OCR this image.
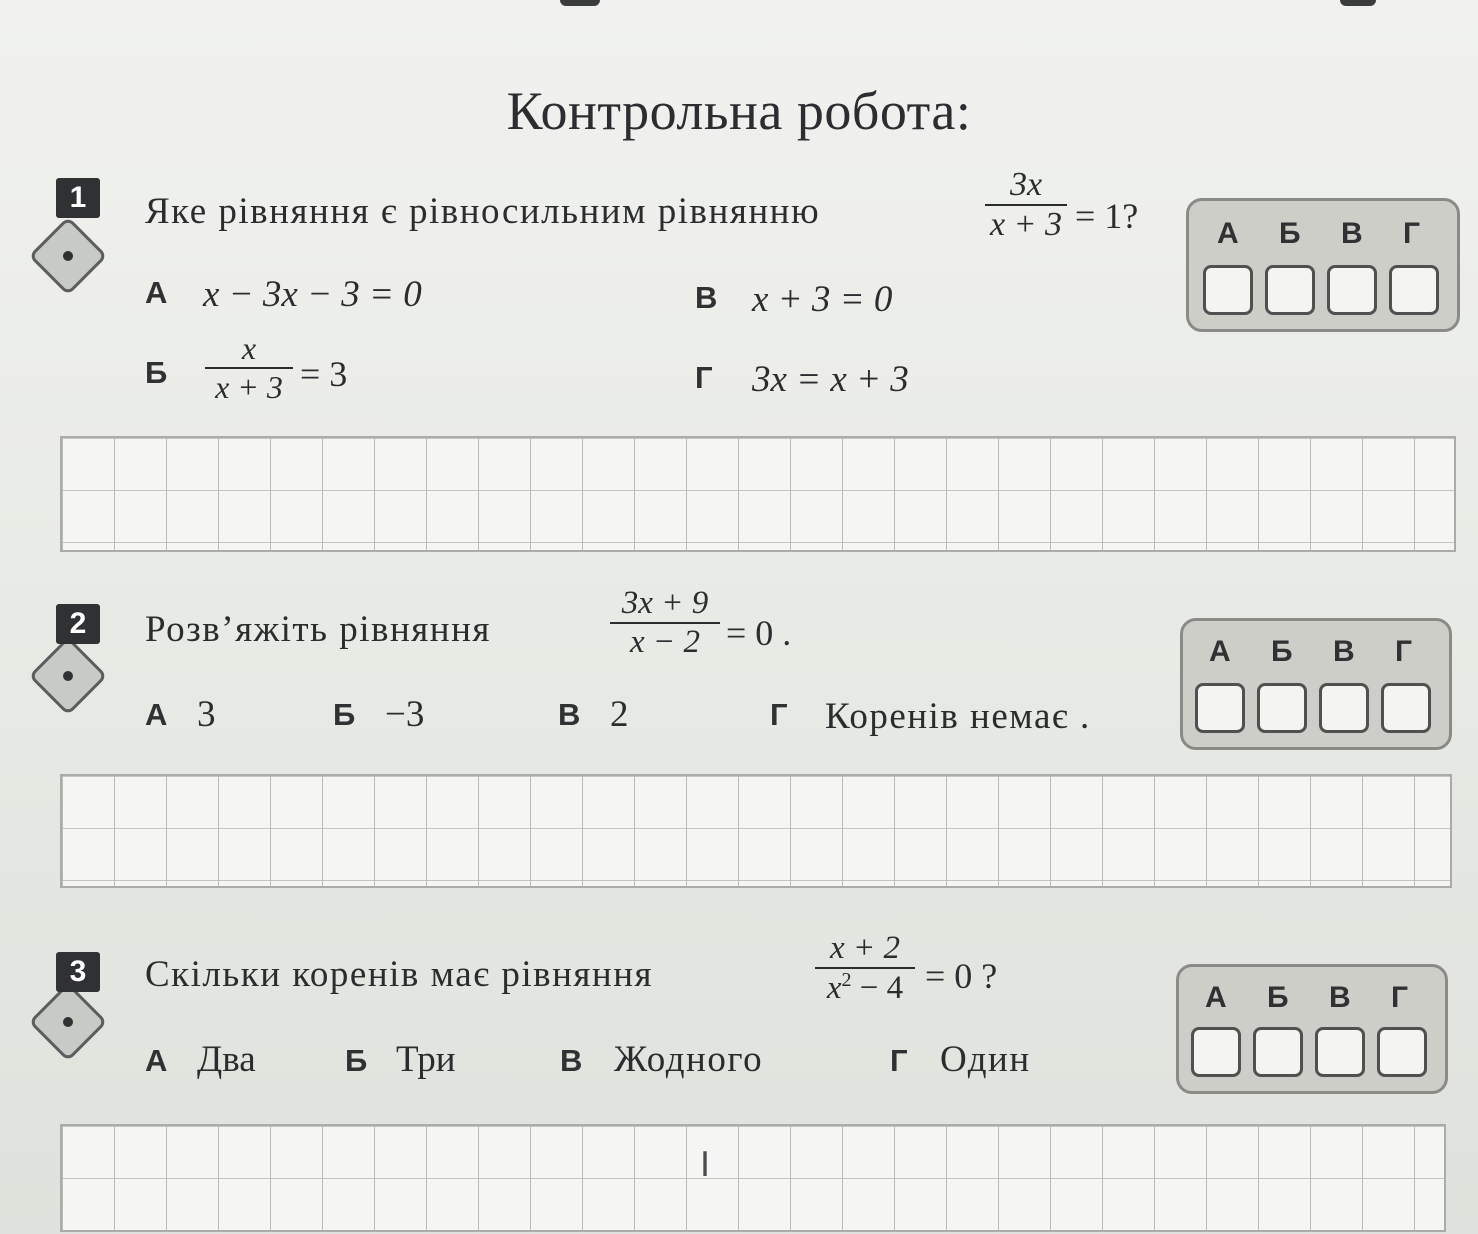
Контрольна робота:
1	Яке рівняння є рівносильним рівнянню
3x
x + 3 = 1?
А x − 3x − 3 = 0
Б
x
x + 3 = 3
В x + 3 = 0
Г 3x = x + 3
А Б В Г
2	Розв’яжіть рівняння
3x + 9
x − 2 = 0 .
А 3	Б −3	В 2	Г Коренів немає .
А Б В Г
3	Скільки коренів має рівняння
x + 2
$x^2 - 4 = 0$ ?
А Два	Б Три	В Жодного	Г Один
А Б В Г
I
